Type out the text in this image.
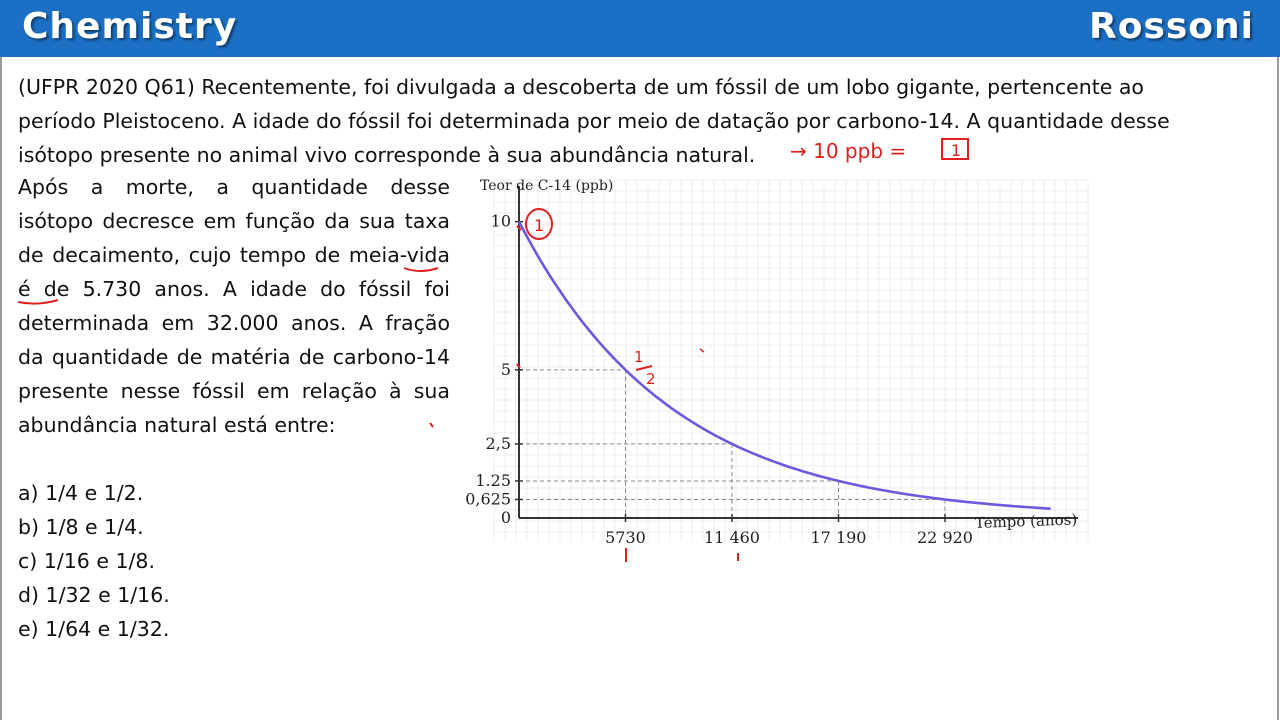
Chemistry	Rossoni
(UFPR 2020 Q61) Recentemente, foi divulgada a descoberta de um fóssil de um lobo gigante, pertencente ao
período Pleistoceno. A idade do fóssil foi determinada por meio de datação por carbono-14. A quantidade desse
isótopo presente no animal vivo corresponde à sua abundância natural.
Após a morte, a quantidade desse isótopo decresce em função da sua taxa de decaimento, cujo tempo de meia-vida é de 5.730 anos. A idade do fóssil foi determinada em 32.000 anos. A fração da quantidade de matéria de carbono-14 presente nesse fóssil em relação à sua abundância natural está entre:
a) 1/4 e 1/2.
b) 1/8 e 1/4.
c) 1/16 e 1/8.
d) 1/32 e 1/16.
e) 1/64 e 1/32.
Teor de C-14 (ppb)
Tempo (anos)
10
5
2,5
1.25
0,625
0
5730	11 460	17 190	22 920
→ 10 ppb =	1
1
1
2
